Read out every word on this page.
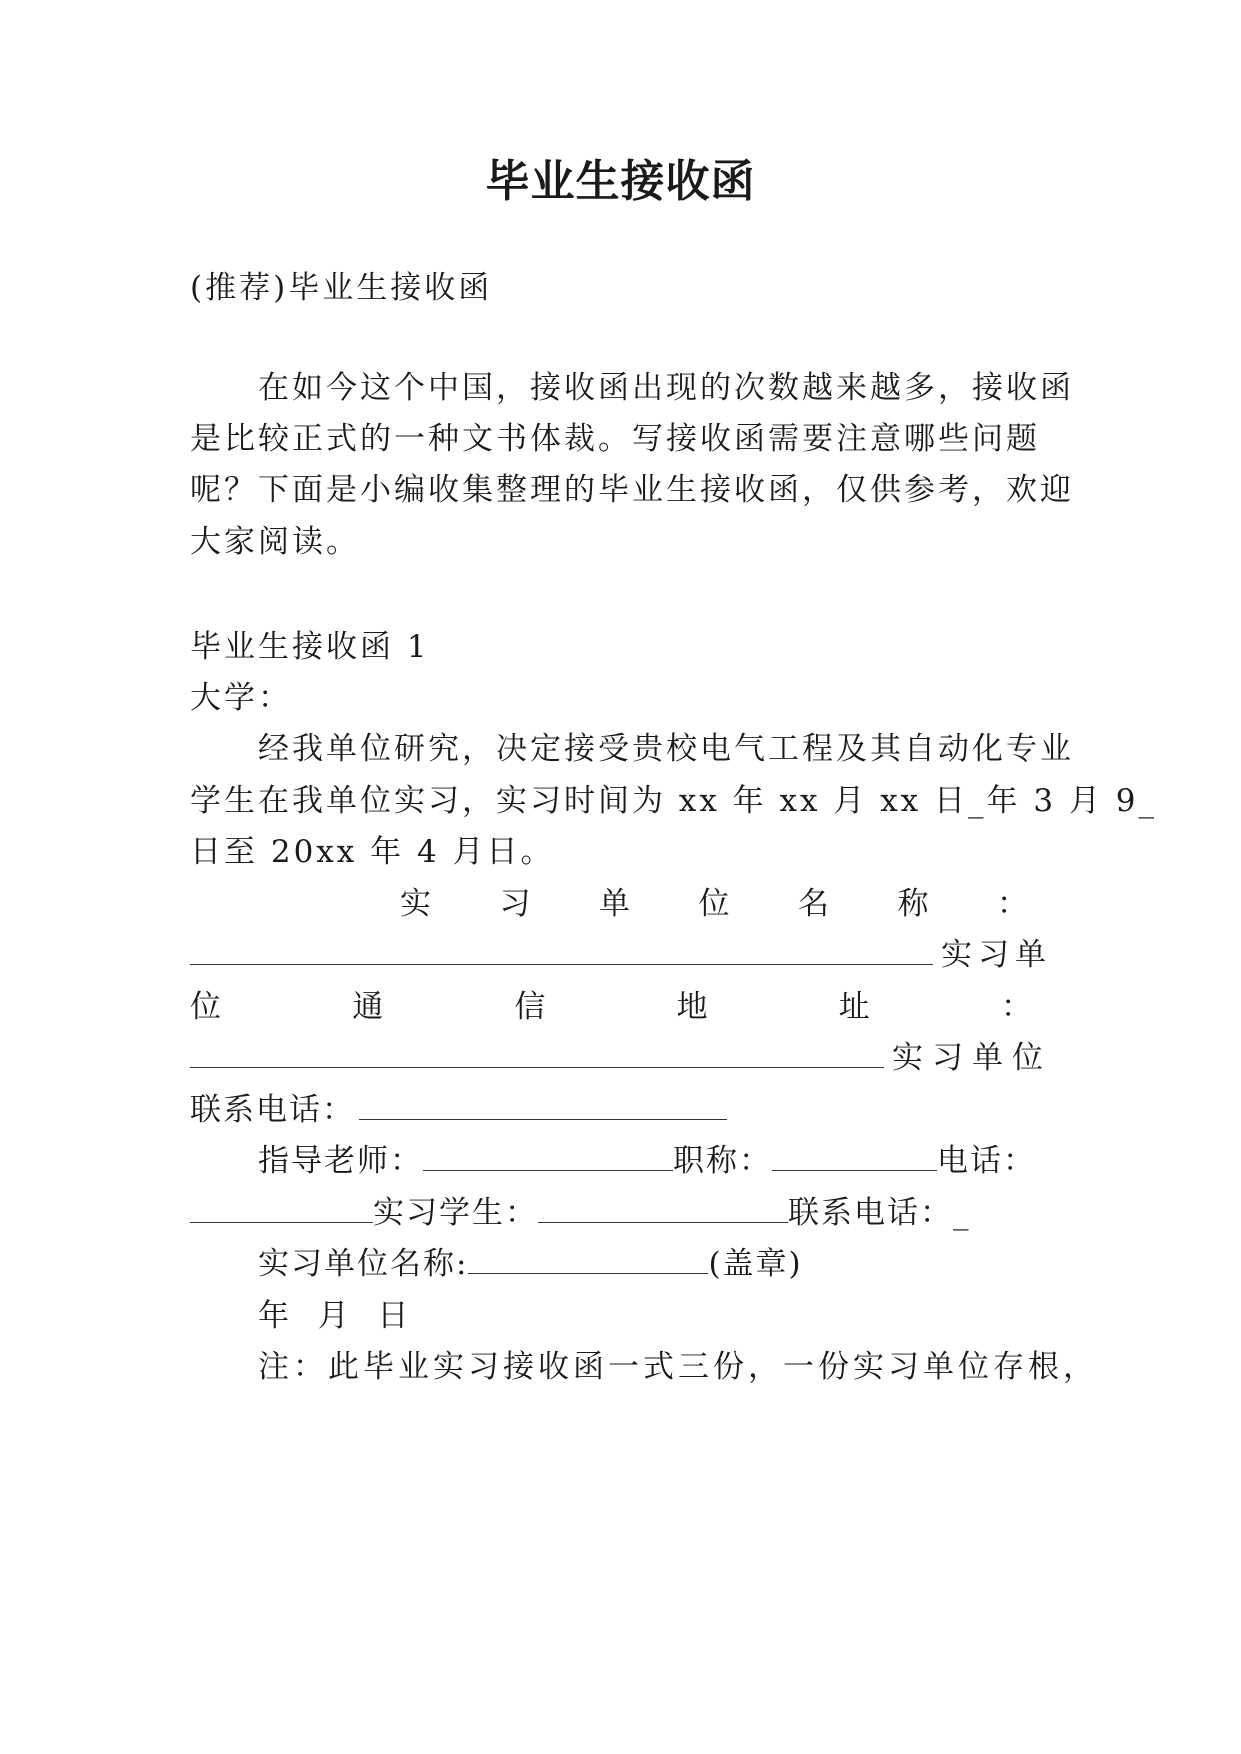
毕业生接收函
(推荐)毕业生接收函
在如今这个中国，接收函出现的次数越来越多，接收函
是比较正式的一种文书体裁。写接收函需要注意哪些问题
呢？下面是小编收集整理的毕业生接收函，仅供参考，欢迎
大家阅读。
毕业生接收函 1
大学：
经我单位研究，决定接受贵校电气工程及其自动化专业
学生在我单位实习，实习时间为 xx 年 xx 月 xx 日_年 3 月 9_
日至 20xx 年 4 月日。
实 习 单 位 名 称 ：
实习单
位	通	信	地	址	：
实习单位
联系电话：
指导老师：	职称：	电话：
实习学生：	联系电话：_
实习单位名称:	(盖章)
年  月  日
注：此毕业实习接收函一式三份，一份实习单位存根，
